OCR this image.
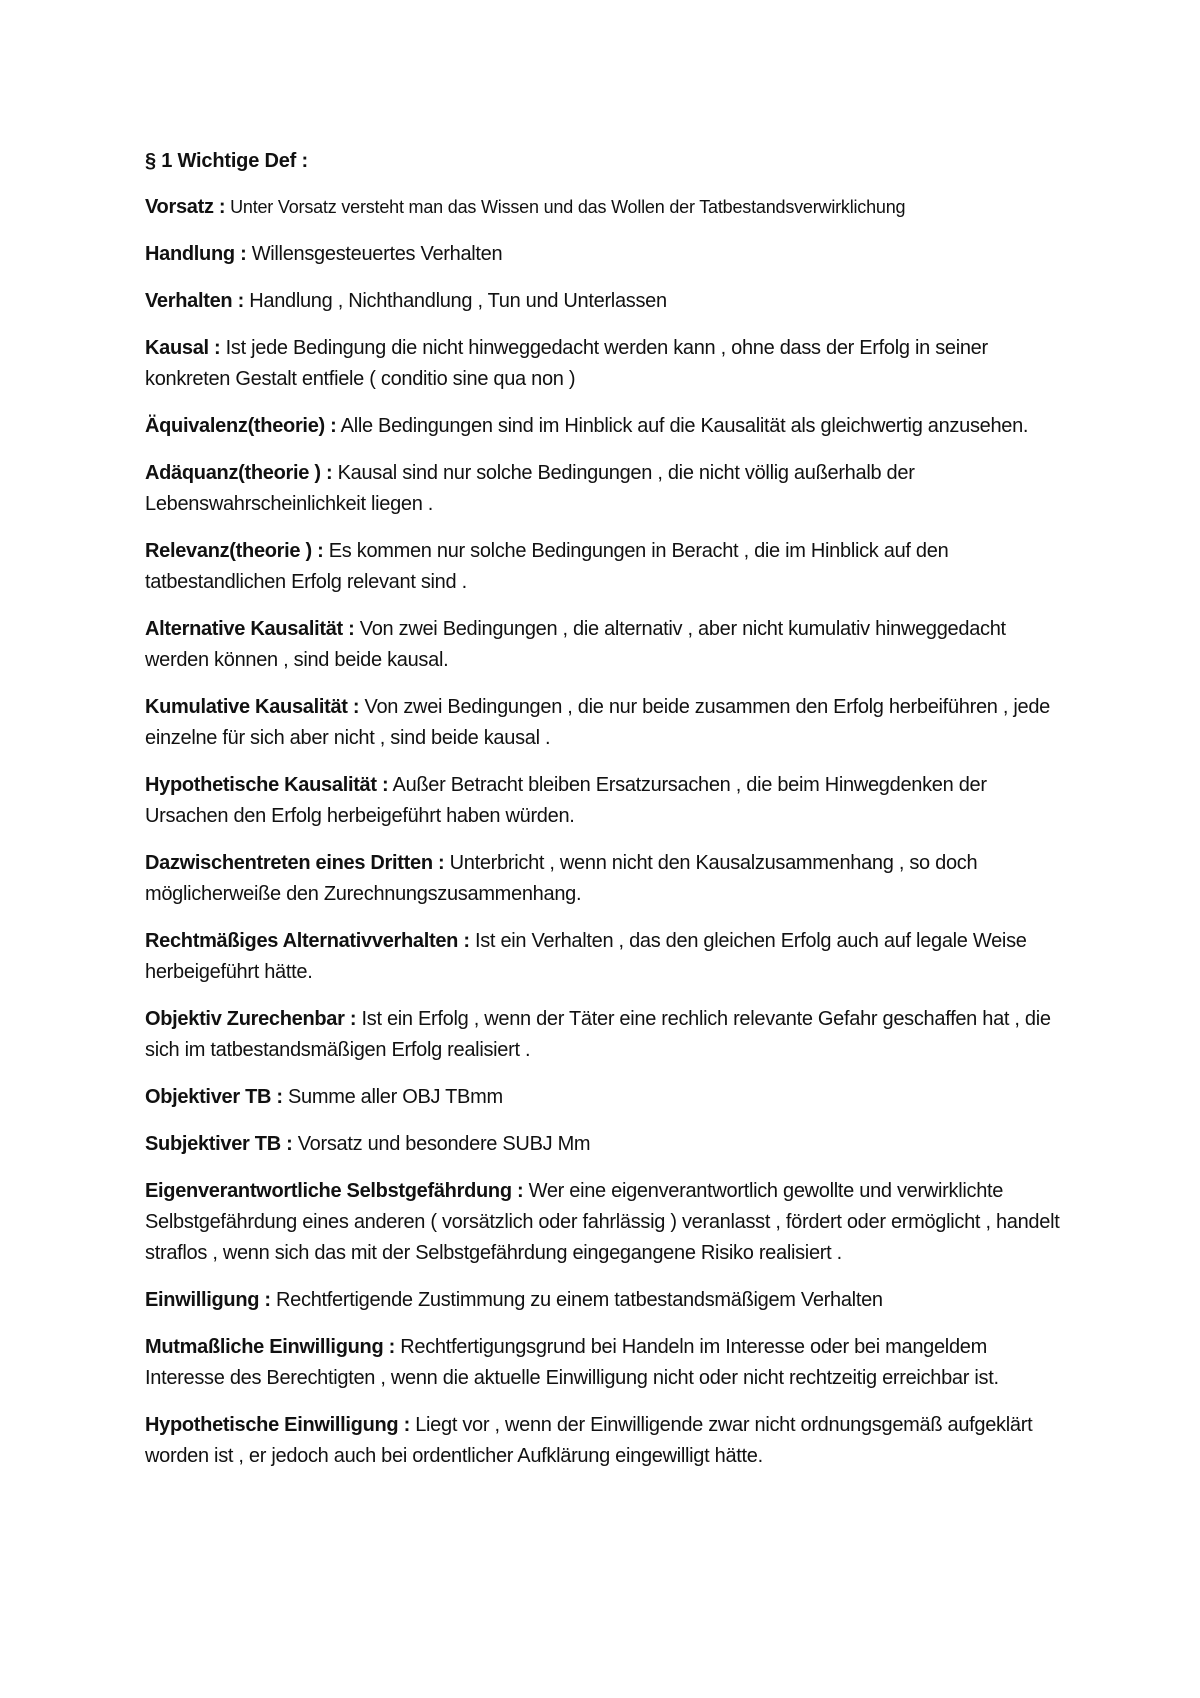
§ 1 Wichtige Def :

Vorsatz : Unter Vorsatz versteht man das Wissen und das Wollen der Tatbestandsverwirklichung

Handlung : Willensgesteuertes Verhalten

Verhalten : Handlung , Nichthandlung , Tun und Unterlassen

Kausal : Ist jede Bedingung die nicht hinweggedacht werden kann , ohne dass der Erfolg in seiner konkreten Gestalt entfiele ( conditio sine qua non )

Äquivalenz(theorie) : Alle Bedingungen sind im Hinblick auf die Kausalität als gleichwertig anzusehen.

Adäquanz(theorie ) : Kausal sind nur solche Bedingungen , die nicht völlig außerhalb der Lebenswahrscheinlichkeit liegen .

Relevanz(theorie ) : Es kommen nur solche Bedingungen in Beracht , die im Hinblick auf den tatbestandlichen Erfolg relevant sind .

Alternative Kausalität : Von zwei Bedingungen , die alternativ , aber nicht kumulativ hinweggedacht werden können , sind beide kausal.

Kumulative Kausalität : Von zwei Bedingungen , die nur beide zusammen den Erfolg herbeiführen , jede einzelne für sich aber nicht , sind beide kausal .

Hypothetische Kausalität : Außer Betracht bleiben Ersatzursachen , die beim Hinwegdenken der Ursachen den Erfolg herbeigeführt haben würden.

Dazwischentreten eines Dritten : Unterbricht , wenn nicht den Kausalzusammenhang , so doch möglicherweiße den Zurechnungszusammenhang.

Rechtmäßiges Alternativverhalten : Ist ein Verhalten , das den gleichen Erfolg auch auf legale Weise herbeigeführt hätte.

Objektiv Zurechenbar : Ist ein Erfolg , wenn der Täter eine rechlich relevante Gefahr geschaffen hat , die sich im tatbestandsmäßigen Erfolg realisiert .

Objektiver TB : Summe aller OBJ TBmm

Subjektiver TB : Vorsatz und besondere SUBJ Mm

Eigenverantwortliche Selbstgefährdung : Wer eine eigenverantwortlich gewollte und verwirklichte Selbstgefährdung eines anderen ( vorsätzlich oder fahrlässig ) veranlasst , fördert oder ermöglicht , handelt straflos , wenn sich das mit der Selbstgefährdung eingegangene Risiko realisiert .

Einwilligung : Rechtfertigende Zustimmung zu einem tatbestandsmäßigem Verhalten

Mutmaßliche Einwilligung : Rechtfertigungsgrund bei Handeln im Interesse oder bei mangeldem Interesse des Berechtigten , wenn die aktuelle Einwilligung nicht oder nicht rechtzeitig erreichbar ist.

Hypothetische Einwilligung : Liegt vor , wenn der Einwilligende zwar nicht ordnungsgemäß aufgeklärt worden ist , er jedoch auch bei ordentlicher Aufklärung eingewilligt hätte.
